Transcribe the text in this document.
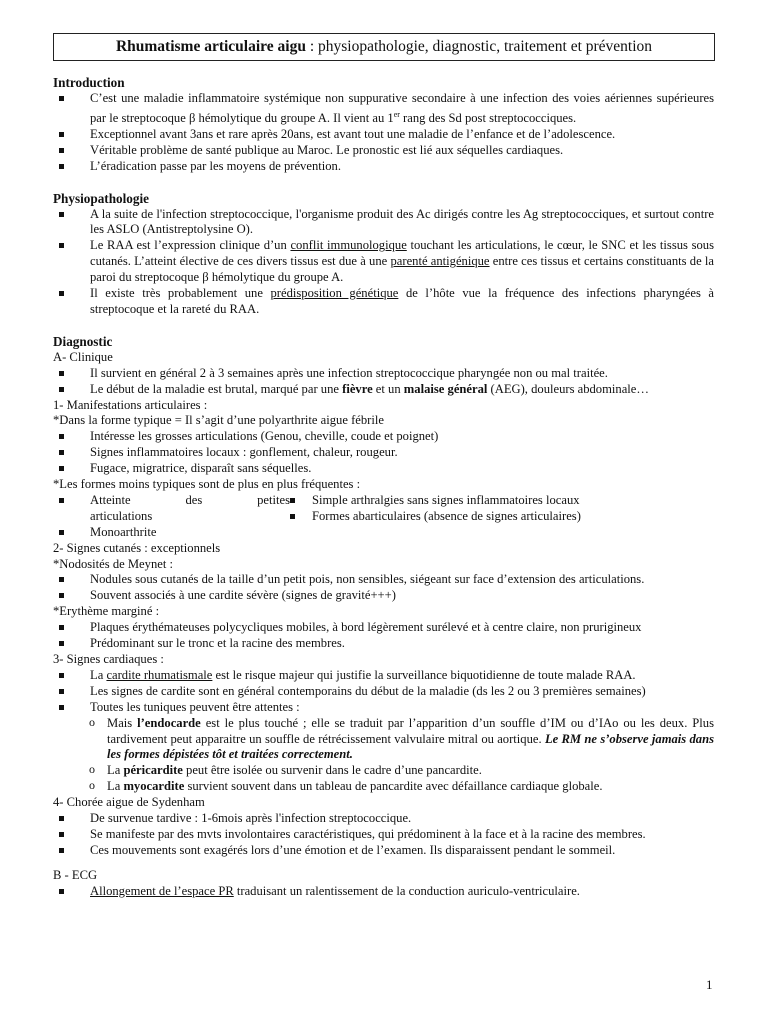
Rhumatisme articulaire aigu : physiopathologie, diagnostic, traitement et prévention

Introduction

C’est une maladie inflammatoire systémique non suppurative secondaire à une infection des voies aériennes supérieures par le streptocoque β hémolytique du groupe A. Il vient au 1er rang des Sd post streptococciques.
Exceptionnel avant 3ans et rare après 20ans, est avant tout une maladie de l’enfance et de l’adolescence.
Véritable problème de santé publique au Maroc. Le pronostic est lié aux séquelles cardiaques.
L’éradication passe par les moyens de prévention.

Physiopathologie

A la suite de l'infection streptococcique, l'organisme produit des Ac dirigés contre les Ag streptococciques, et surtout contre les ASLO (Antistreptolysine O).
Le RAA est l’expression clinique d’un conflit immunologique touchant les articulations, le cœur, le SNC et les tissus sous cutanés. L’atteint élective de ces divers tissus est due à une parenté antigénique entre ces tissus et certains constituants de la paroi du streptocoque β hémolytique du groupe A.
Il existe très probablement une prédisposition génétique de l’hôte vue la fréquence des infections pharyngées à streptocoque et la rareté du RAA.

Diagnostic

A- Clinique

Il survient en général 2 à 3 semaines après une infection streptococcique pharyngée non ou mal traitée.
Le début de la maladie est brutal, marqué par une fièvre et un malaise général (AEG), douleurs abdominale…

1- Manifestations articulaires :

*Dans la forme typique = Il s’agit d’une polyarthrite aigue fébrile

Intéresse les grosses articulations (Genou, cheville, coude et poignet)
Signes inflammatoires locaux : gonflement, chaleur, rougeur.
Fugace, migratrice, disparaît sans séquelles.

*Les formes moins typiques sont de plus en plus fréquentes :

Atteinte des petites articulations
Monoarthrite
Simple arthralgies sans signes inflammatoires locaux
Formes abarticulaires (absence de signes articulaires)

2- Signes cutanés : exceptionnels

*Nodosités de Meynet :

Nodules sous cutanés de la taille d’un petit pois, non sensibles, siégeant sur face d’extension des articulations.
Souvent associés à une cardite sévère (signes de gravité+++)

*Erythème marginé :

Plaques érythémateuses polycycliques mobiles, à bord légèrement surélevé et à centre claire, non prurigineux
Prédominant sur le tronc et la racine des membres.

3- Signes cardiaques :

La cardite rhumatismale est le risque majeur qui justifie la surveillance biquotidienne de toute malade RAA.
Les signes de cardite sont en général contemporains du début de la maladie (ds les 2 ou 3 premières semaines)
Toutes les tuniques peuvent être attentes :
o Mais l’endocarde est le plus touché ; elle se traduit par l’apparition d’un souffle d’IM ou d’IAo ou les deux. Plus tardivement peut apparaitre un souffle de rétrécissement valvulaire mitral ou aortique. Le RM ne s’observe jamais dans les formes dépistées tôt et traitées correctement.
o La péricardite peut être isolée ou survenir dans le cadre d’une pancardite.
o La myocardite survient souvent dans un tableau de pancardite avec défaillance cardiaque globale.

4- Chorée aigue de Sydenham

De survenue tardive : 1-6mois après l'infection streptococcique.
Se manifeste par des mvts involontaires caractéristiques, qui prédominent à la face et à la racine des membres.
Ces mouvements sont exagérés lors d’une émotion et de l’examen. Ils disparaissent pendant le sommeil.

B - ECG

Allongement de l’espace PR traduisant un ralentissement de la conduction auriculo-ventriculaire.
1
